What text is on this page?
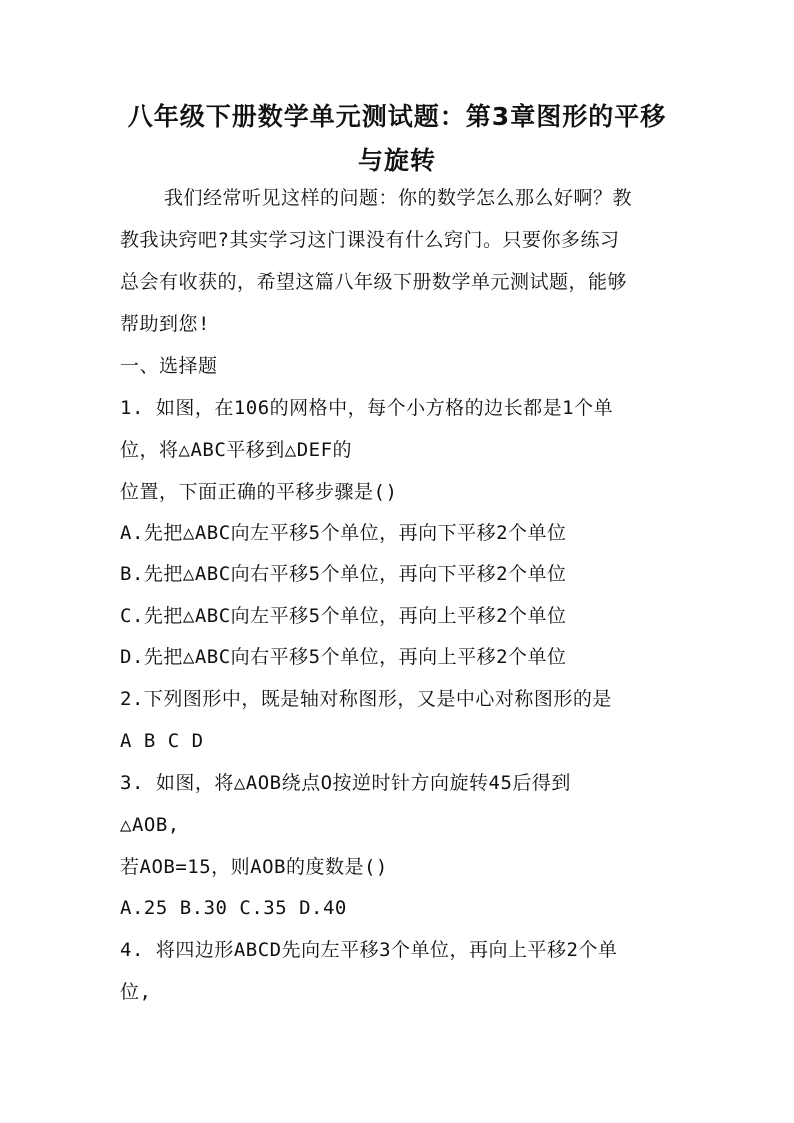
八年级下册数学单元测试题：第3章图形的平移
与旋转
我们经常听见这样的问题：你的数学怎么那么好啊？教
教我诀窍吧?其实学习这门课没有什么窍门。只要你多练习
总会有收获的，希望这篇八年级下册数学单元测试题，能够
帮助到您!
一、选择题
1. 如图，在106的网格中，每个小方格的边长都是1个单
位，将△ABC平移到△DEF的
位置，下面正确的平移步骤是()
A.先把△ABC向左平移5个单位，再向下平移2个单位
B.先把△ABC向右平移5个单位，再向下平移2个单位
C.先把△ABC向左平移5个单位，再向上平移2个单位
D.先把△ABC向右平移5个单位，再向上平移2个单位
2.下列图形中，既是轴对称图形，又是中心对称图形的是
A B C D
3. 如图，将△AOB绕点O按逆时针方向旋转45后得到
△AOB,
若AOB=15，则AOB的度数是()
A.25 B.30 C.35 D.40
4. 将四边形ABCD先向左平移3个单位，再向上平移2个单
位,
